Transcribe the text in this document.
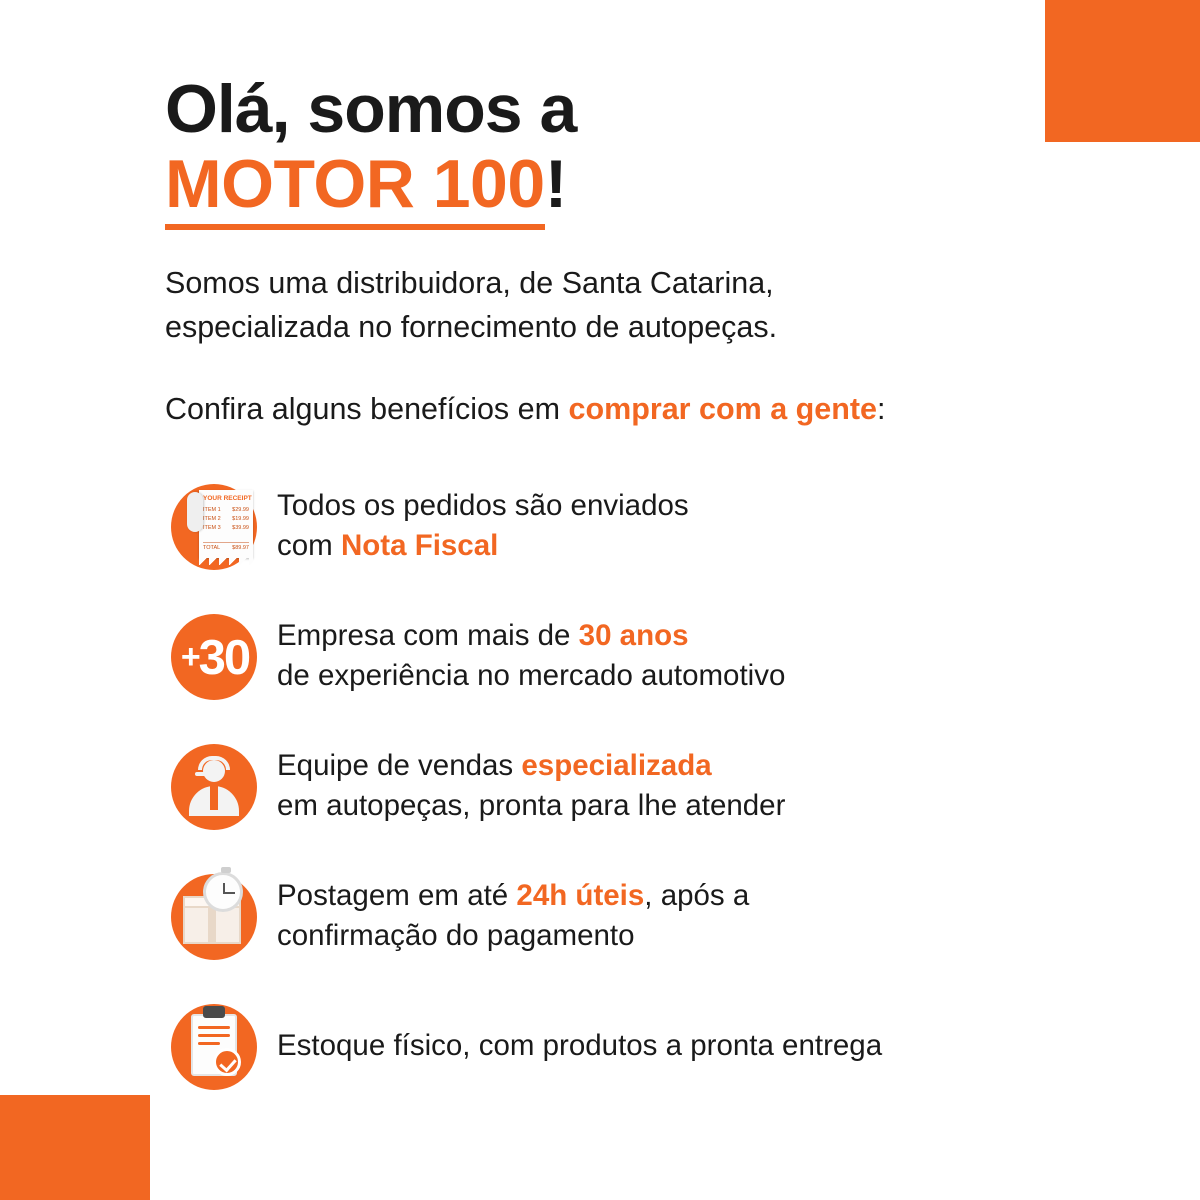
Olá, somos a
MOTOR 100!

Somos uma distribuidora, de Santa Catarina,
especializada no fornecimento de autopeças.

Confira alguns benefícios em comprar com a gente:

YOUR RECEIPT
ITEM 1 $29.99
ITEM 2 $19.99
ITEM 3 $39.99
TOTAL $89.97
Todos os pedidos são enviados
com Nota Fiscal
+30 Empresa com mais de 30 anos
de experiência no mercado automotivo
Equipe de vendas especializada
em autopeças, pronta para lhe atender
Postagem em até 24h úteis, após a
confirmação do pagamento
Estoque físico, com produtos a pronta entrega
